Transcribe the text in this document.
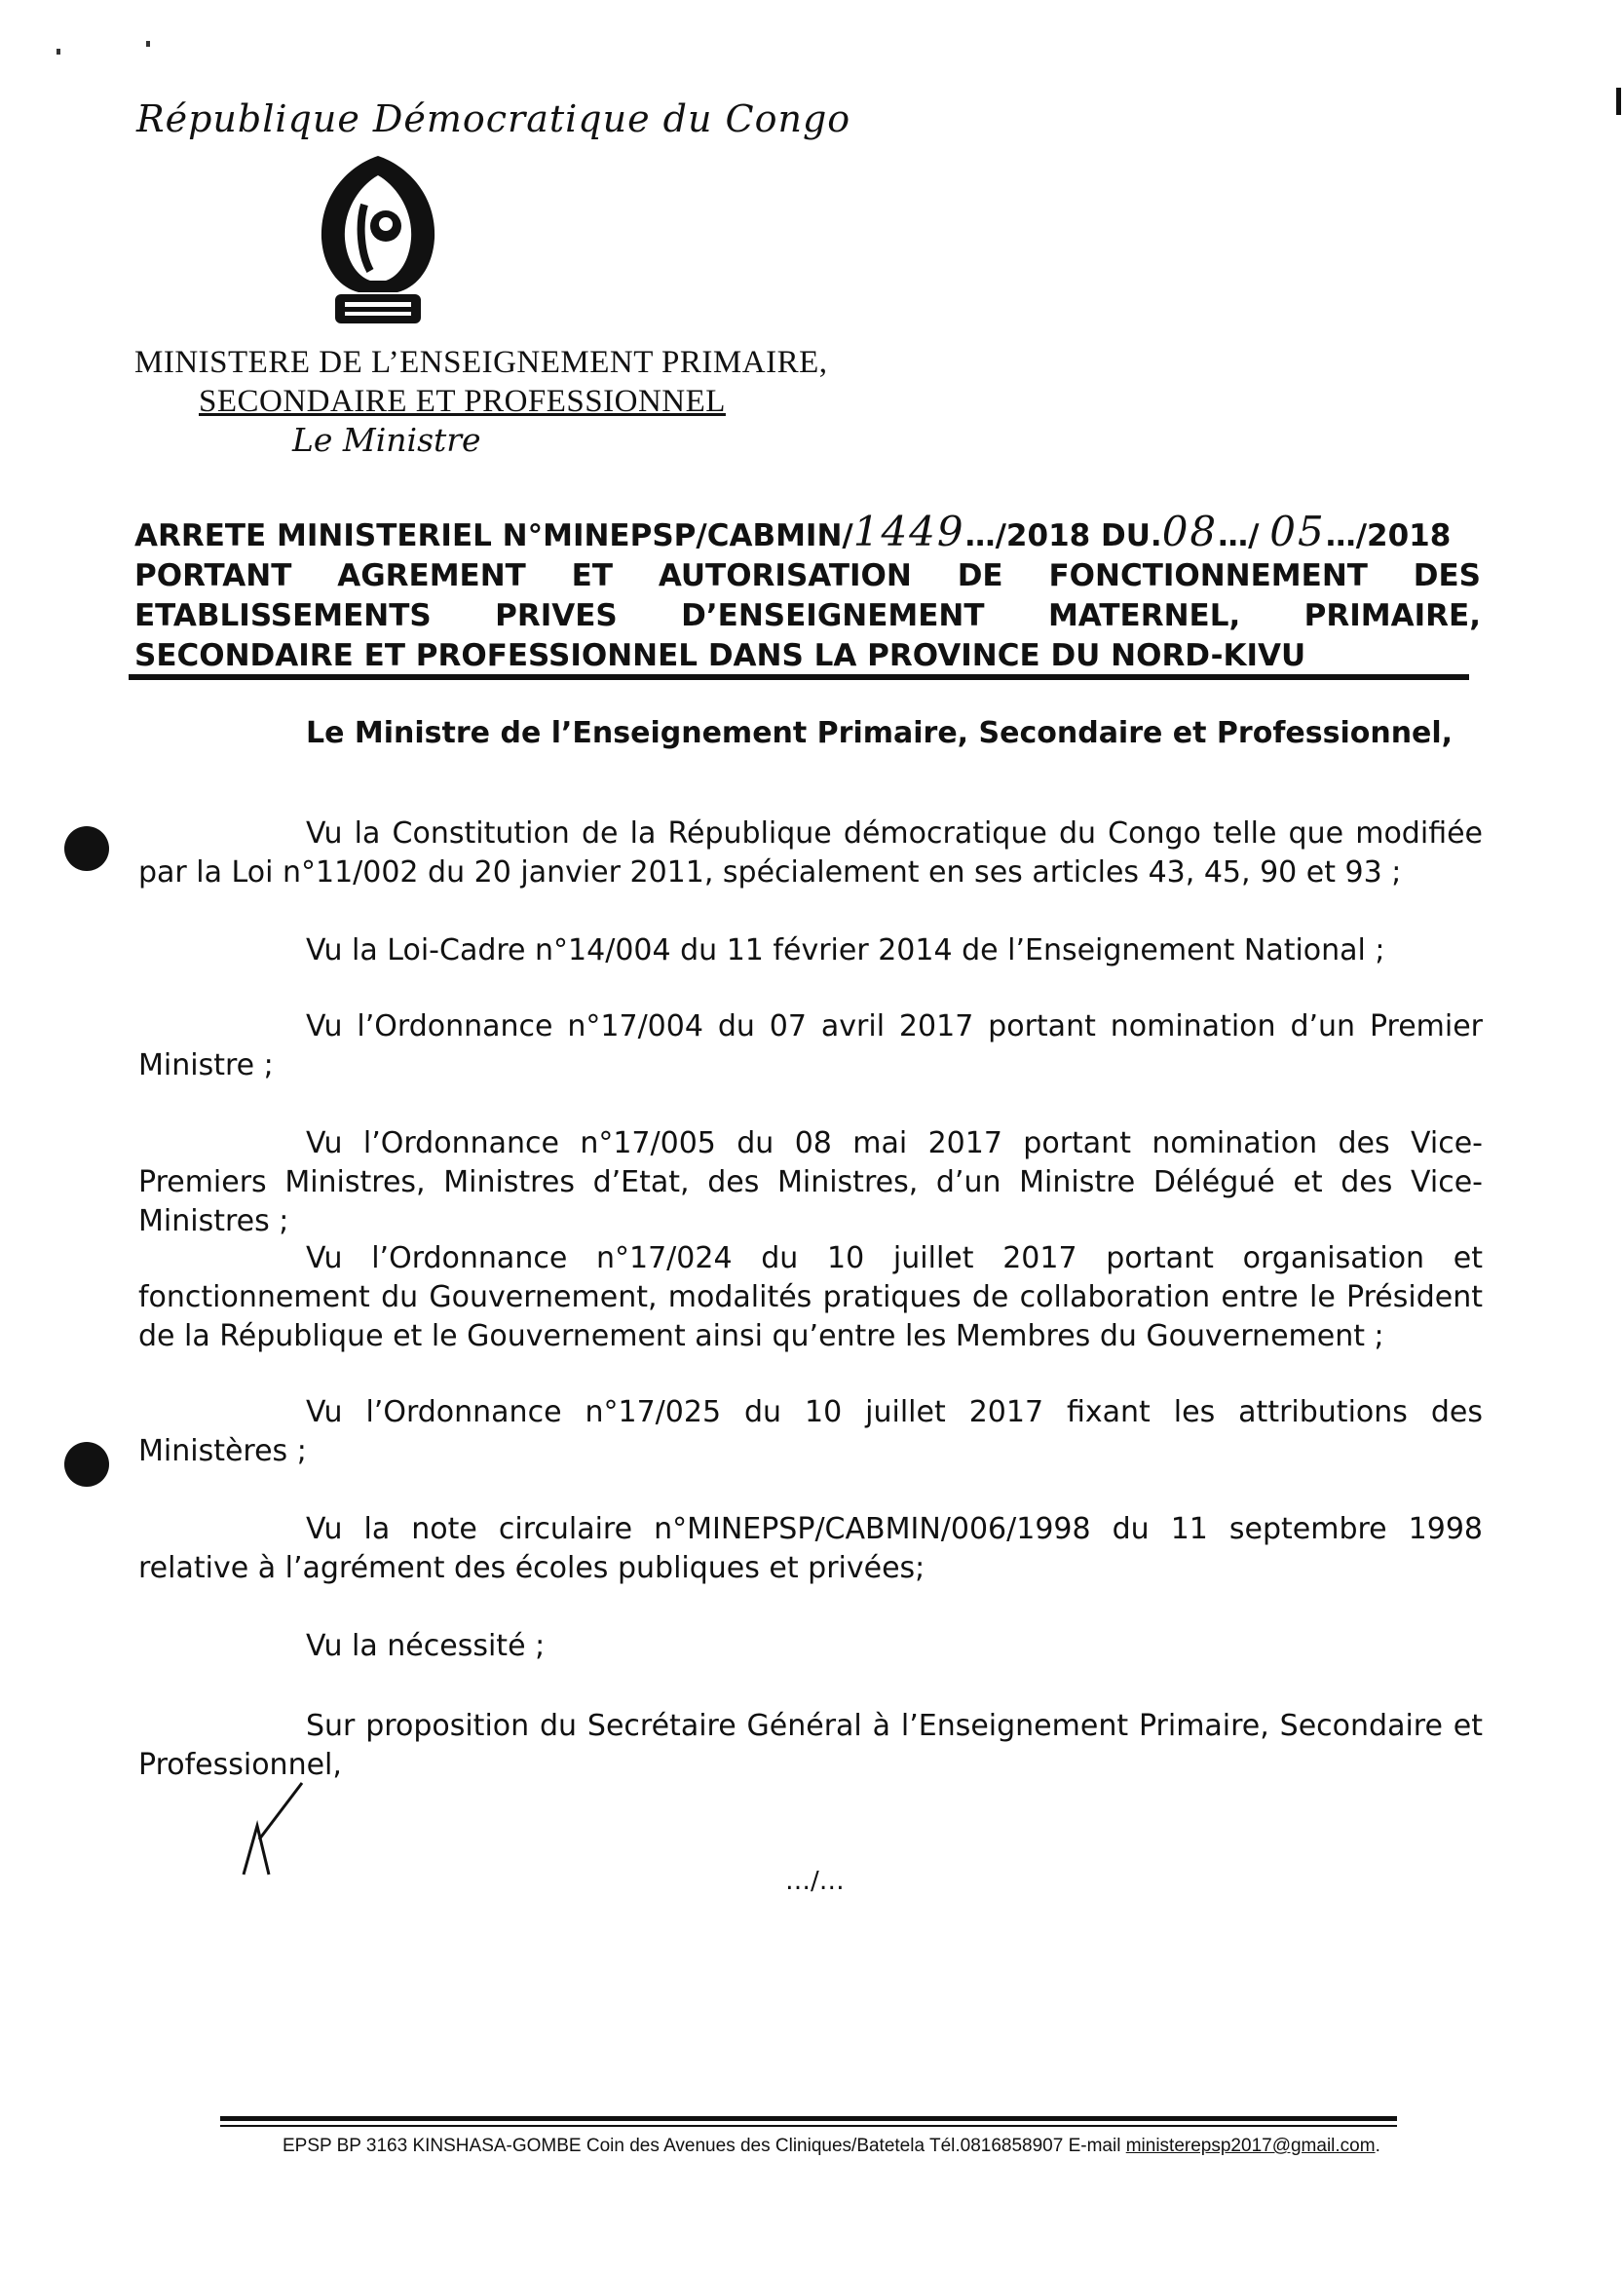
République Démocratique du Congo
MINISTERE DE L’ENSEIGNEMENT PRIMAIRE,
SECONDAIRE ET PROFESSIONNEL
Le Ministre
ARRETE MINISTERIEL N°MINEPSP/CABMIN/1449…/2018 DU.08…/ 05…/2018
PORTANT AGREMENT ET AUTORISATION DE FONCTIONNEMENT DES
ETABLISSEMENTS PRIVES D’ENSEIGNEMENT MATERNEL, PRIMAIRE,
SECONDAIRE ET PROFESSIONNEL DANS LA PROVINCE DU NORD-KIVU
Le Ministre de l’Enseignement Primaire, Secondaire et Professionnel,
Vu la Constitution de la République démocratique du Congo telle que modifiée par la Loi n°11/002 du 20 janvier 2011, spécialement en ses articles 43, 45, 90 et 93 ;
Vu la Loi-Cadre n°14/004 du 11 février 2014 de l’Enseignement National ;
Vu l’Ordonnance n°17/004 du 07 avril 2017 portant nomination d’un Premier Ministre ;
Vu l’Ordonnance n°17/005 du 08 mai 2017 portant nomination des Vice-Premiers Ministres, Ministres d’Etat, des Ministres, d’un Ministre Délégué et des Vice-Ministres ;
Vu l’Ordonnance n°17/024 du 10 juillet 2017 portant organisation et fonctionnement du Gouvernement, modalités pratiques de collaboration entre le Président de la République et le Gouvernement ainsi qu’entre les Membres du Gouvernement ;
Vu l’Ordonnance n°17/025 du 10 juillet 2017 fixant les attributions des Ministères ;
Vu la note circulaire n°MINEPSP/CABMIN/006/1998 du 11 septembre 1998 relative à l’agrément des écoles publiques et privées;
Vu la nécessité ;
Sur proposition du Secrétaire Général à l’Enseignement Primaire, Secondaire et Professionnel,
…/…
EPSP BP 3163 KINSHASA-GOMBE Coin des Avenues des Cliniques/Batetela Tél.0816858907 E-mail ministerepsp2017@gmail.com.
